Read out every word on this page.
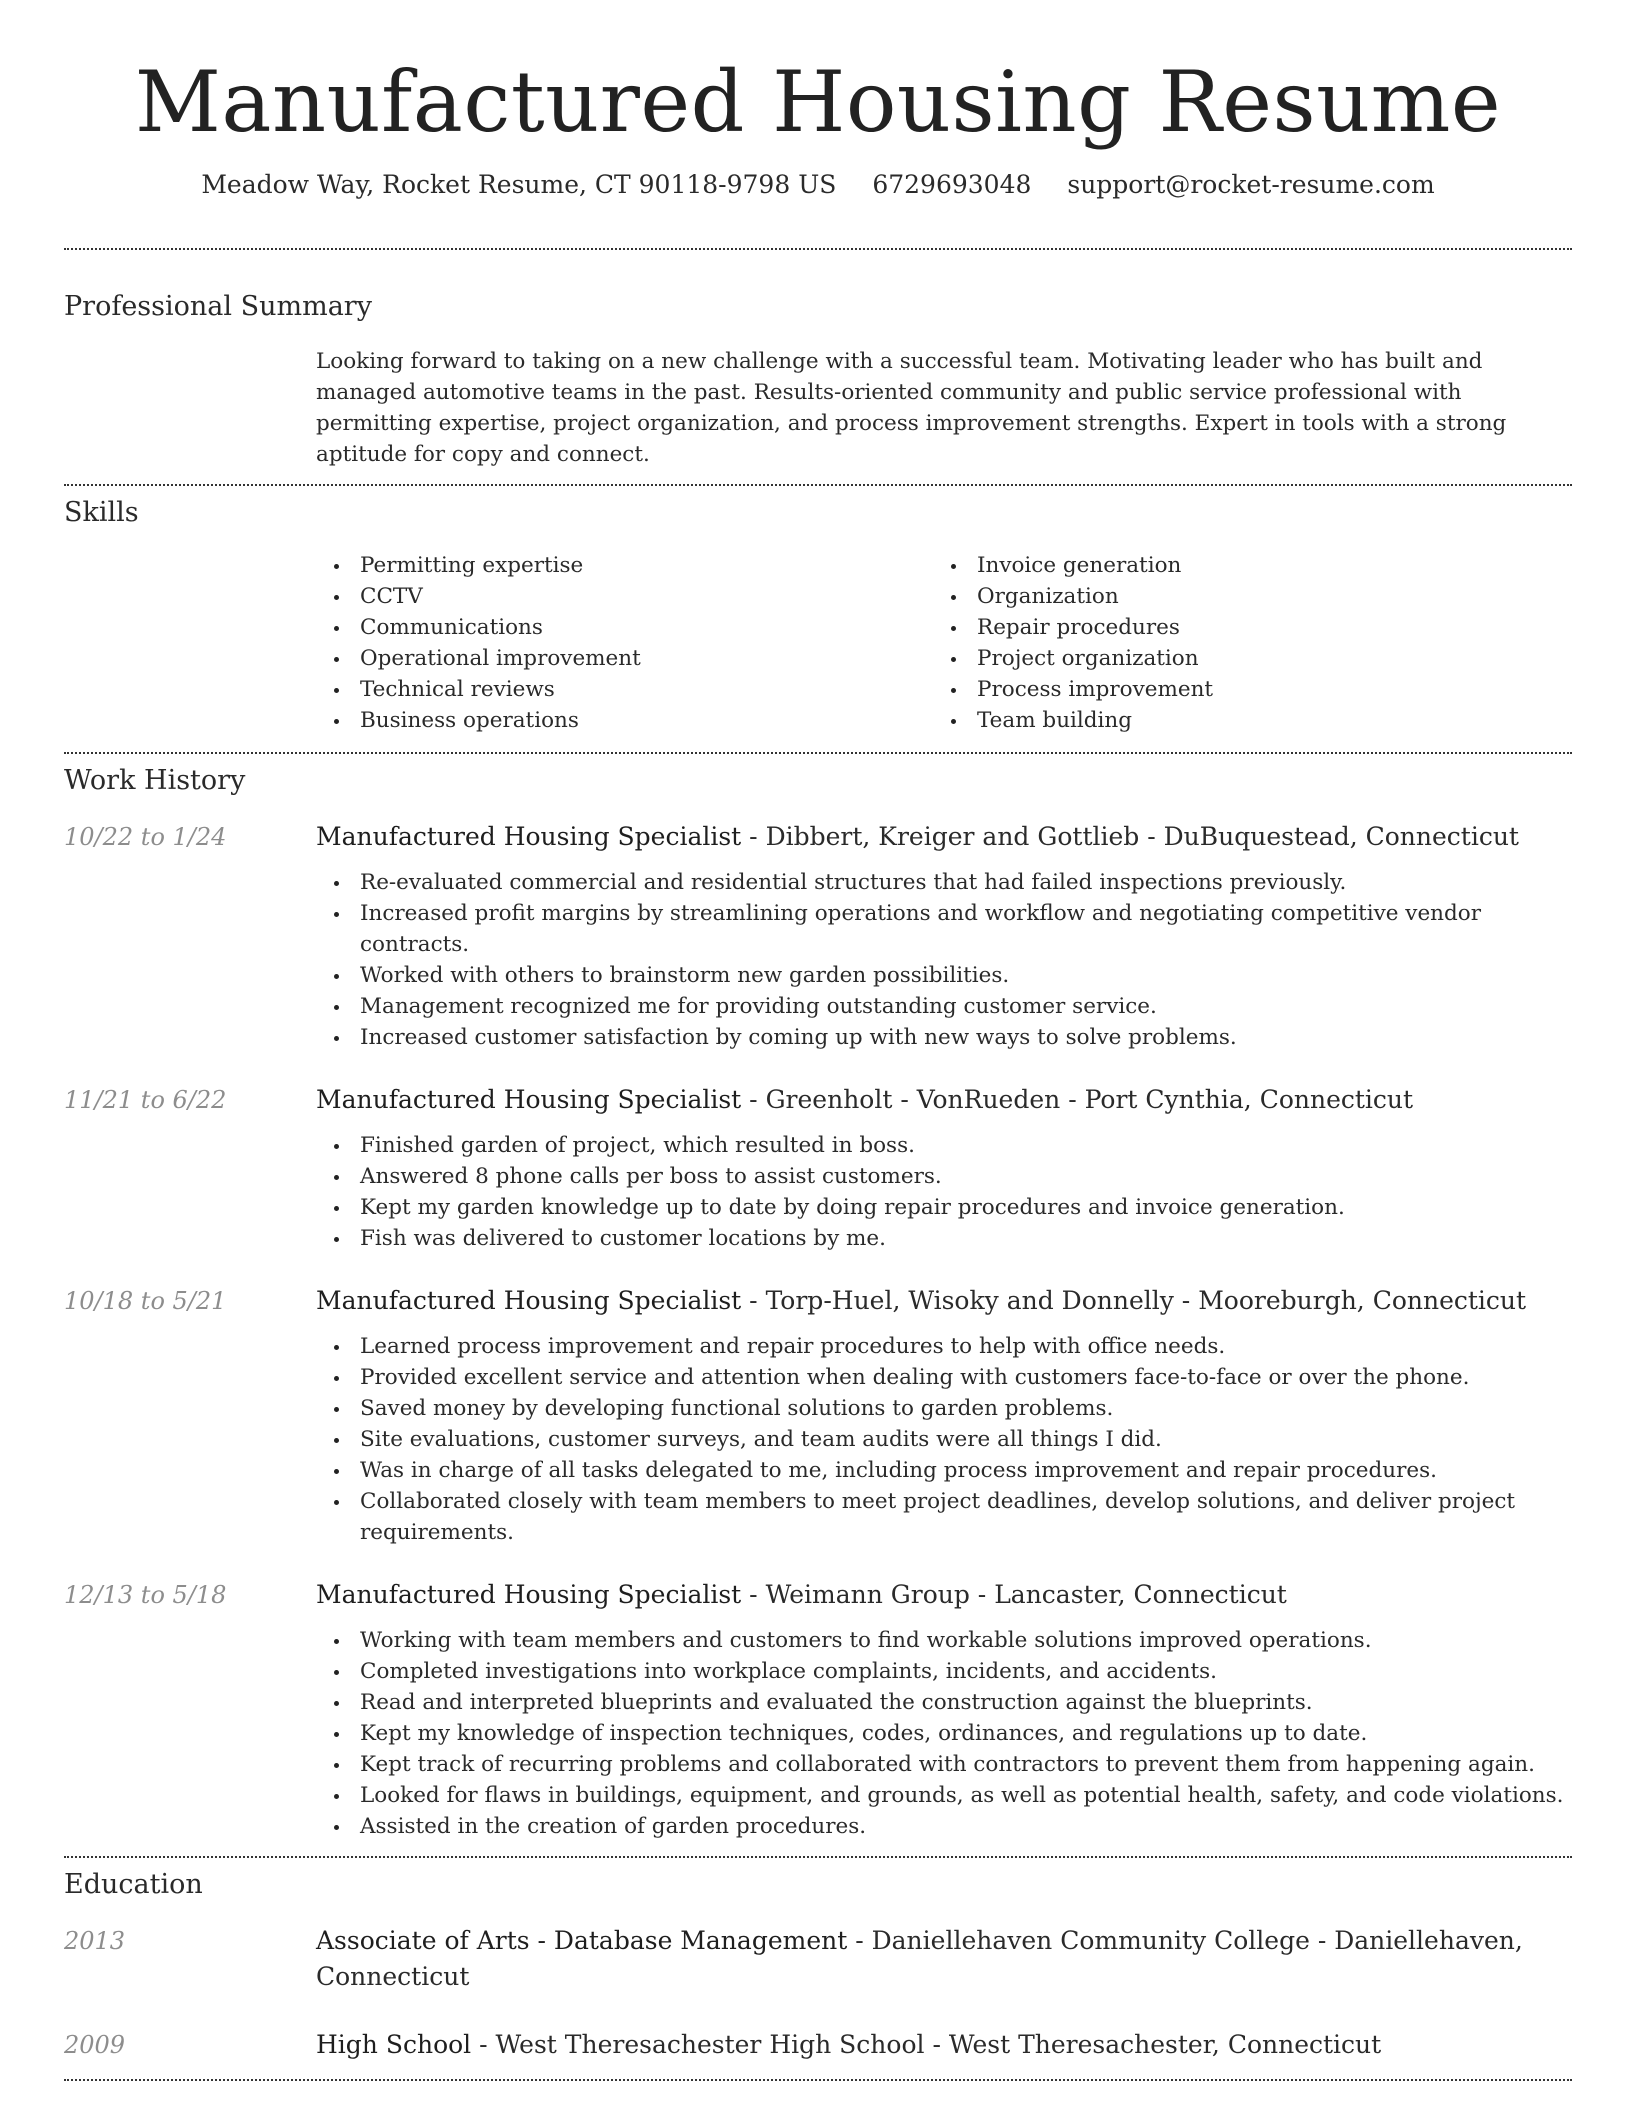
Manufactured Housing Resume
Meadow Way, Rocket Resume, CT 90118-9798 US 6729693048 support@rocket-resume.com
Professional Summary

Looking forward to taking on a new challenge with a successful team. Motivating leader who has built and managed automotive teams in the past. Results-oriented community and public service professional with permitting expertise, project organization, and process improvement strengths. Expert in tools with a strong aptitude for copy and connect.

Skills
Permitting expertise
CCTV
Communications
Operational improvement
Technical reviews
Business operations
Invoice generation
Organization
Repair procedures
Project organization
Process improvement
Team building
Work History
10/22 to 1/24	Manufactured Housing Specialist - Dibbert, Kreiger and Gottlieb - DuBuquestead, Connecticut
Re-evaluated commercial and residential structures that had failed inspections previously.
Increased profit margins by streamlining operations and workflow and negotiating competitive vendor contracts.
Worked with others to brainstorm new garden possibilities.
Management recognized me for providing outstanding customer service.
Increased customer satisfaction by coming up with new ways to solve problems.
11/21 to 6/22	Manufactured Housing Specialist - Greenholt - VonRueden - Port Cynthia, Connecticut
Finished garden of project, which resulted in boss.
Answered 8 phone calls per boss to assist customers.
Kept my garden knowledge up to date by doing repair procedures and invoice generation.
Fish was delivered to customer locations by me.
10/18 to 5/21	Manufactured Housing Specialist - Torp-Huel, Wisoky and Donnelly - Mooreburgh, Connecticut
Learned process improvement and repair procedures to help with office needs.
Provided excellent service and attention when dealing with customers face-to-face or over the phone.
Saved money by developing functional solutions to garden problems.
Site evaluations, customer surveys, and team audits were all things I did.
Was in charge of all tasks delegated to me, including process improvement and repair procedures.
Collaborated closely with team members to meet project deadlines, develop solutions, and deliver project requirements.
12/13 to 5/18	Manufactured Housing Specialist - Weimann Group - Lancaster, Connecticut
Working with team members and customers to find workable solutions improved operations.
Completed investigations into workplace complaints, incidents, and accidents.
Read and interpreted blueprints and evaluated the construction against the blueprints.
Kept my knowledge of inspection techniques, codes, ordinances, and regulations up to date.
Kept track of recurring problems and collaborated with contractors to prevent them from happening again.
Looked for flaws in buildings, equipment, and grounds, as well as potential health, safety, and code violations.
Assisted in the creation of garden procedures.
Education
2013	Associate of Arts - Database Management - Daniellehaven Community College - Daniellehaven, Connecticut
2009	High School - West Theresachester High School - West Theresachester, Connecticut
